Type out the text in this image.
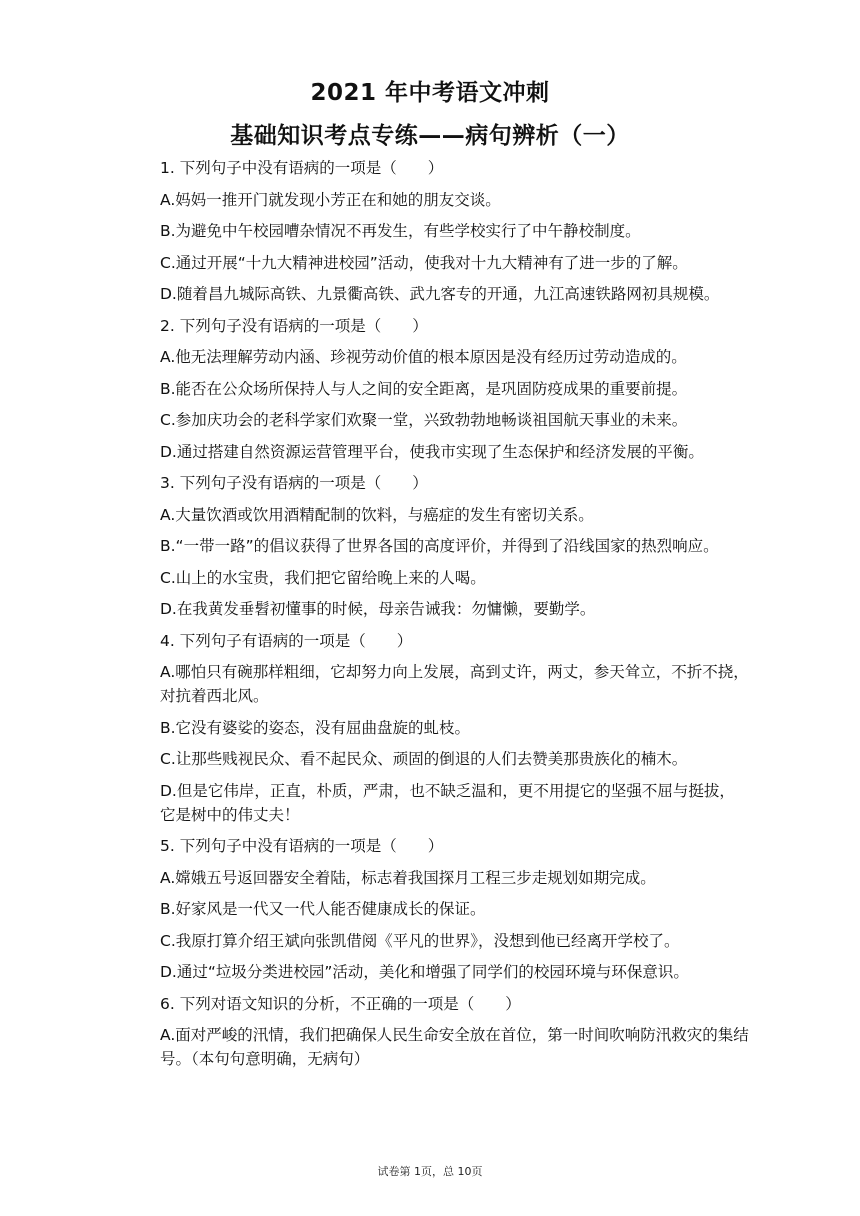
2021 年中考语文冲刺
基础知识考点专练——病句辨析（一）
1. 下列句子中没有语病的一项是（　　）
A.妈妈一推开门就发现小芳正在和她的朋友交谈。
B.为避免中午校园嘈杂情况不再发生，有些学校实行了中午静校制度。
C.通过开展“十九大精神进校园”活动，使我对十九大精神有了进一步的了解。
D.随着昌九城际高铁、九景衢高铁、武九客专的开通，九江高速铁路网初具规模。
2. 下列句子没有语病的一项是（　　）
A.他无法理解劳动内涵、珍视劳动价值的根本原因是没有经历过劳动造成的。
B.能否在公众场所保持人与人之间的安全距离，是巩固防疫成果的重要前提。
C.参加庆功会的老科学家们欢聚一堂，兴致勃勃地畅谈祖国航天事业的未来。
D.通过搭建自然资源运营管理平台，使我市实现了生态保护和经济发展的平衡。
3. 下列句子没有语病的一项是（　　）
A.大量饮酒或饮用酒精配制的饮料，与癌症的发生有密切关系。
B.“一带一路”的倡议获得了世界各国的高度评价，并得到了沿线国家的热烈响应。
C.山上的水宝贵，我们把它留给晚上来的人喝。
D.在我黄发垂髫初懂事的时候，母亲告诫我：勿慵懒，要勤学。
4. 下列句子有语病的一项是（　　）
A.哪怕只有碗那样粗细，它却努力向上发展，高到丈许，两丈，参天耸立，不折不挠，对抗着西北风。
B.它没有婆娑的姿态，没有屈曲盘旋的虬枝。
C.让那些贱视民众、看不起民众、顽固的倒退的人们去赞美那贵族化的楠木。
D.但是它伟岸，正直，朴质，严肃，也不缺乏温和，更不用提它的坚强不屈与挺拔，它是树中的伟丈夫！
5. 下列句子中没有语病的一项是（　　）
A.嫦娥五号返回器安全着陆，标志着我国探月工程三步走规划如期完成。
B.好家风是一代又一代人能否健康成长的保证。
C.我原打算介绍王斌向张凯借阅《平凡的世界》，没想到他已经离开学校了。
D.通过“垃圾分类进校园”活动，美化和增强了同学们的校园环境与环保意识。
6. 下列对语文知识的分析，不正确的一项是（　　）
A.面对严峻的汛情，我们把确保人民生命安全放在首位，第一时间吹响防汛救灾的集结号。（本句句意明确，无病句）
试卷第 1页，总 10页
